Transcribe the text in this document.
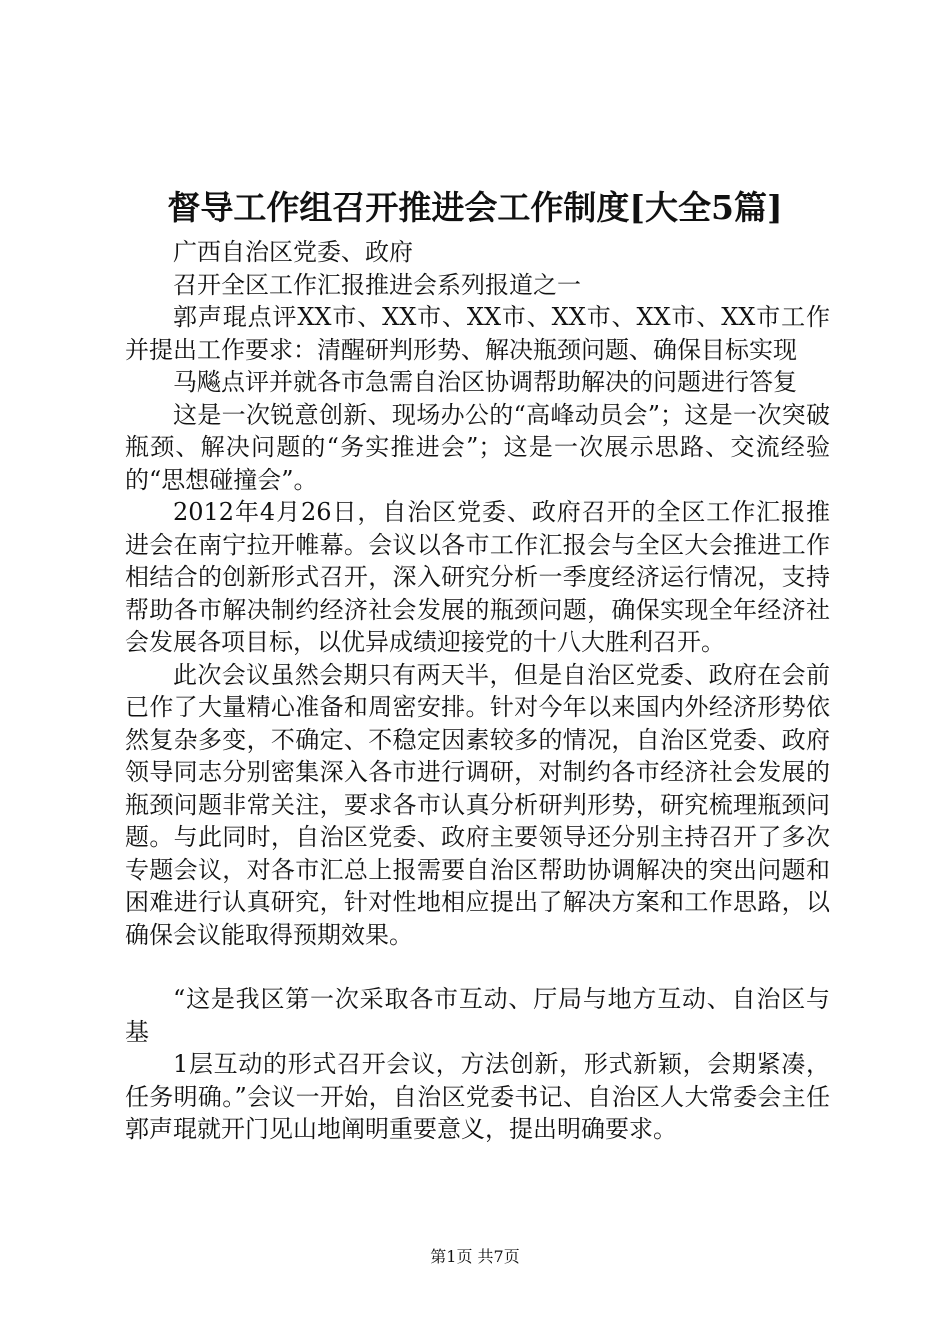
督导工作组召开推进会工作制度[大全5篇]

广西自治区党委、政府

召开全区工作汇报推进会系列报道之一

郭声琨点评XX市、XX市、XX市、XX市、XX市、XX市工作并提出工作要求：清醒研判形势、解决瓶颈问题、确保目标实现

马飚点评并就各市急需自治区协调帮助解决的问题进行答复

这是一次锐意创新、现场办公的“高峰动员会”；这是一次突破瓶颈、解决问题的“务实推进会”；这是一次展示思路、交流经验的“思想碰撞会”。

2012年4月26日，自治区党委、政府召开的全区工作汇报推进会在南宁拉开帷幕。会议以各市工作汇报会与全区大会推进工作相结合的创新形式召开，深入研究分析一季度经济运行情况，支持帮助各市解决制约经济社会发展的瓶颈问题，确保实现全年经济社会发展各项目标，以优异成绩迎接党的十八大胜利召开。

此次会议虽然会期只有两天半，但是自治区党委、政府在会前已作了大量精心准备和周密安排。针对今年以来国内外经济形势依然复杂多变，不确定、不稳定因素较多的情况，自治区党委、政府领导同志分别密集深入各市进行调研，对制约各市经济社会发展的瓶颈问题非常关注，要求各市认真分析研判形势，研究梳理瓶颈问题。与此同时，自治区党委、政府主要领导还分别主持召开了多次专题会议，对各市汇总上报需要自治区帮助协调解决的突出问题和困难进行认真研究，针对性地相应提出了解决方案和工作思路，以确保会议能取得预期效果。

“这是我区第一次采取各市互动、厅局与地方互动、自治区与基

1层互动的形式召开会议，方法创新，形式新颖，会期紧凑，任务明确。”会议一开始，自治区党委书记、自治区人大常委会主任郭声琨就开门见山地阐明重要意义，提出明确要求。

第1页 共7页
